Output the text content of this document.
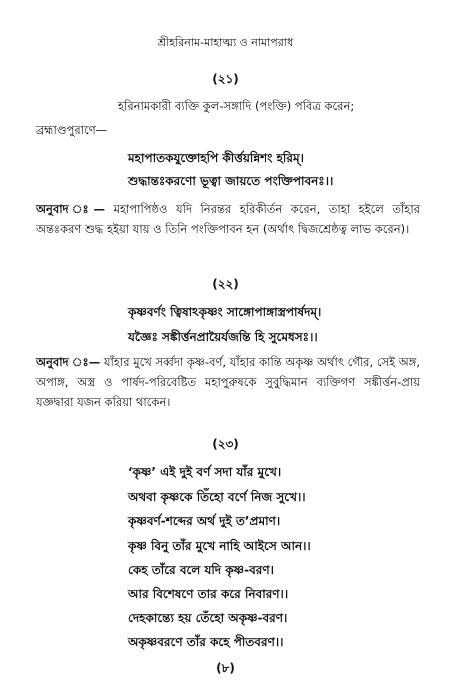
শ্রীহরিনাম-মাহাত্ম্য ও নামাপরাধ
(২১)
হরিনামকারী ব্যক্তি কুল-সঙ্গাদি (পংক্তি) পবিত্র করেন;
ব্রহ্মাণ্ডপুরাণে—
মহাপাতকযুক্তোহপি কীর্ত্তয়ন্নিশং হরিম্‌।
শুদ্ধান্তঃকরণো ভূত্বা জায়তে পংক্তিপাবনঃ।।
অনুবাদ ঃ— মহাপাপিষ্ঠও যদি নিরন্তর হরিকীর্তন করেন, তাহা হইলে তাঁহার অন্তঃকরণ শুদ্ধ হইয়া যায় ও তিনি পংক্তিপাবন হন (অর্থাৎ দ্বিজশ্রেষ্ঠত্ব লাভ করেন)।
(২২)
কৃষ্ণবর্ণং ত্বিষাঽকৃষ্ণং সাঙ্গোপাঙ্গাস্ত্রপার্ষদম্‌।
যজ্ঞৈঃ সঙ্কীর্ত্তনপ্রায়ৈর্যজন্তি হি সুমেধসঃ।।
অনুবাদ ঃ— যাঁহার মুখে সর্ব্বদা কৃষ্ণ-বর্ণ, যাঁহার কান্তি অকৃষ্ণ অর্থাৎ গৌর, সেই অঙ্গ, অপাঙ্গ, অস্ত্র ও পার্ষদ-পরিবেষ্টিত মহাপুরুষকে সুবুদ্ধিমান ব্যক্তিগণ সঙ্কীর্ত্তন-প্রায় যজ্ঞদ্বারা যজন করিয়া থাকেন।
(২৩)
‘কৃষ্ণ’ এই দুই বর্ণ সদা যাঁর মুখে।
অথবা কৃষ্ণকে তিঁহো বর্ণে নিজ সুখে।।
কৃষ্ণবর্ণ-শব্দের অর্থ দুই ত’প্রমাণ।
কৃষ্ণ বিনু তাঁর মুখে নাহি আইসে আন।।
কেহ তাঁরে বলে যদি কৃষ্ণ-বরণ।
আর বিশেষণে তার করে নিবারণ।।
দেহকান্ত্যে হয় তেঁহো অকৃষ্ণ-বরণ।
অকৃষ্ণবরণে তাঁর কহে পীতবরণ।।
(৮)
